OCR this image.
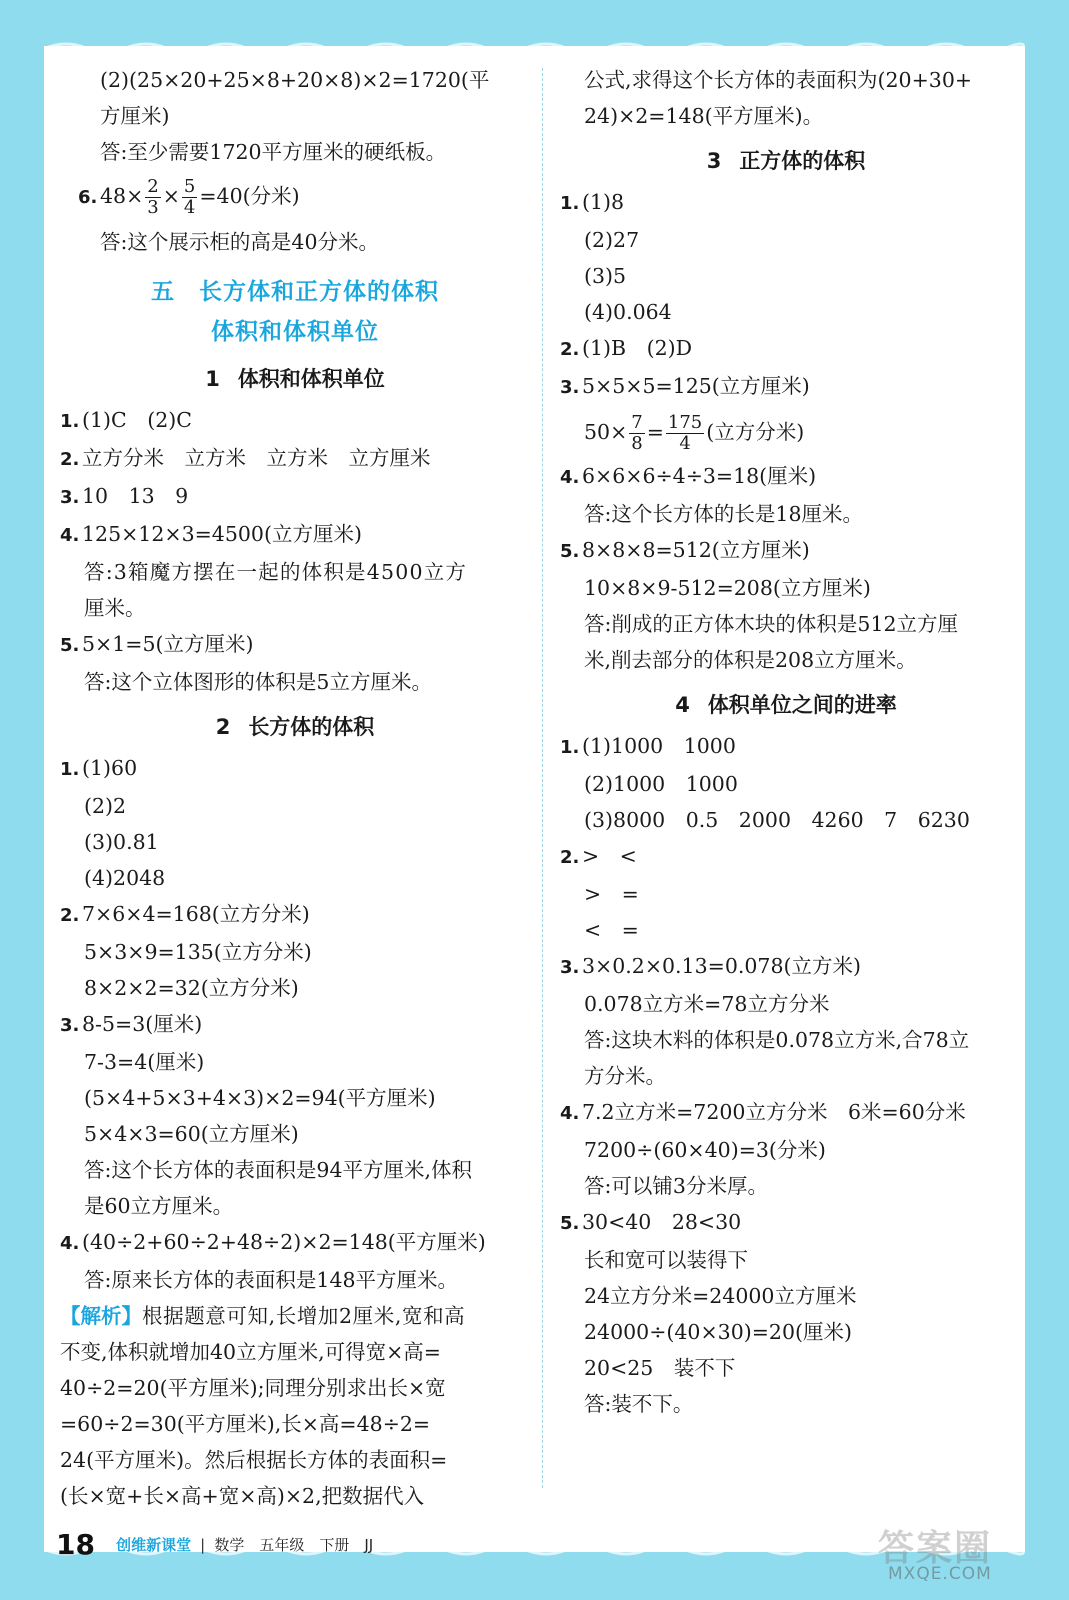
(2)(25×20+25×8+20×8)×2=1720(平
方厘米)
答:至少需要1720平方厘米的硬纸板。
6. $48\times \frac{2}{3} \times \frac{5}{4} =40$(分米)
答:这个展示柜的高是40分米。
五　长方体和正方体的体积
体积和体积单位
1 体积和体积单位
1. (1)C　(2)C
2. 立方分米　立方米　立方米　立方厘米
3. 10　13　9
4. 125×12×3=4500(立方厘米)
答:3箱魔方摆在一起的体积是4500立方
厘米。
5. 5×1=5(立方厘米)
答:这个立体图形的体积是5立方厘米。
2 长方体的体积
1. (1)60
(2)2
(3)0.81
(4)2048
2. 7×6×4=168(立方分米)
5×3×9=135(立方分米)
8×2×2=32(立方分米)
3. 8-5=3(厘米)
7-3=4(厘米)
(5×4+5×3+4×3)×2=94(平方厘米)
5×4×3=60(立方厘米)
答:这个长方体的表面积是94平方厘米,体积
是60立方厘米。
4. (40÷2+60÷2+48÷2)×2=148(平方厘米)
答:原来长方体的表面积是148平方厘米。
【解析】根据题意可知,长增加2厘米,宽和高
不变,体积就增加40立方厘米,可得宽×高=
40÷2=20(平方厘米);同理分别求出长×宽
=60÷2=30(平方厘米),长×高=48÷2=
24(平方厘米)。然后根据长方体的表面积=
(长×宽+长×高+宽×高)×2,把数据代入
公式,求得这个长方体的表面积为(20+30+
24)×2=148(平方厘米)。
3 正方体的体积
1. (1)8
(2)27
(3)5
(4)0.064
2. (1)B　(2)D
3. 5×5×5=125(立方厘米)
$50\times \frac{7}{8} = \frac{175}{4}$ (立方分米)
4. 6×6×6÷4÷3=18(厘米)
答:这个长方体的长是18厘米。
5. 8×8×8=512(立方厘米)
10×8×9-512=208(立方厘米)
答:削成的正方体木块的体积是512立方厘
米,削去部分的体积是208立方厘米。
4 体积单位之间的进率
1. (1)1000　1000
(2)1000　1000
(3)8000　0.5　2000　4260　7　6230
2. >　<
>　=
<　=
3. 3×0.2×0.13=0.078(立方米)
0.078立方米=78立方分米
答:这块木料的体积是0.078立方米,合78立
方分米。
4. 7.2立方米=7200立方分米　6米=60分米
7200÷(60×40)=3(分米)
答:可以铺3分米厚。
5. 30<40　28<30
长和宽可以装得下
24立方分米=24000立方厘米
24000÷(40×30)=20(厘米)
20<25　装不下
答:装不下。
18 创维新课堂 | 数学　五年级　下册　JJ	答案圈
MXQE.COM
